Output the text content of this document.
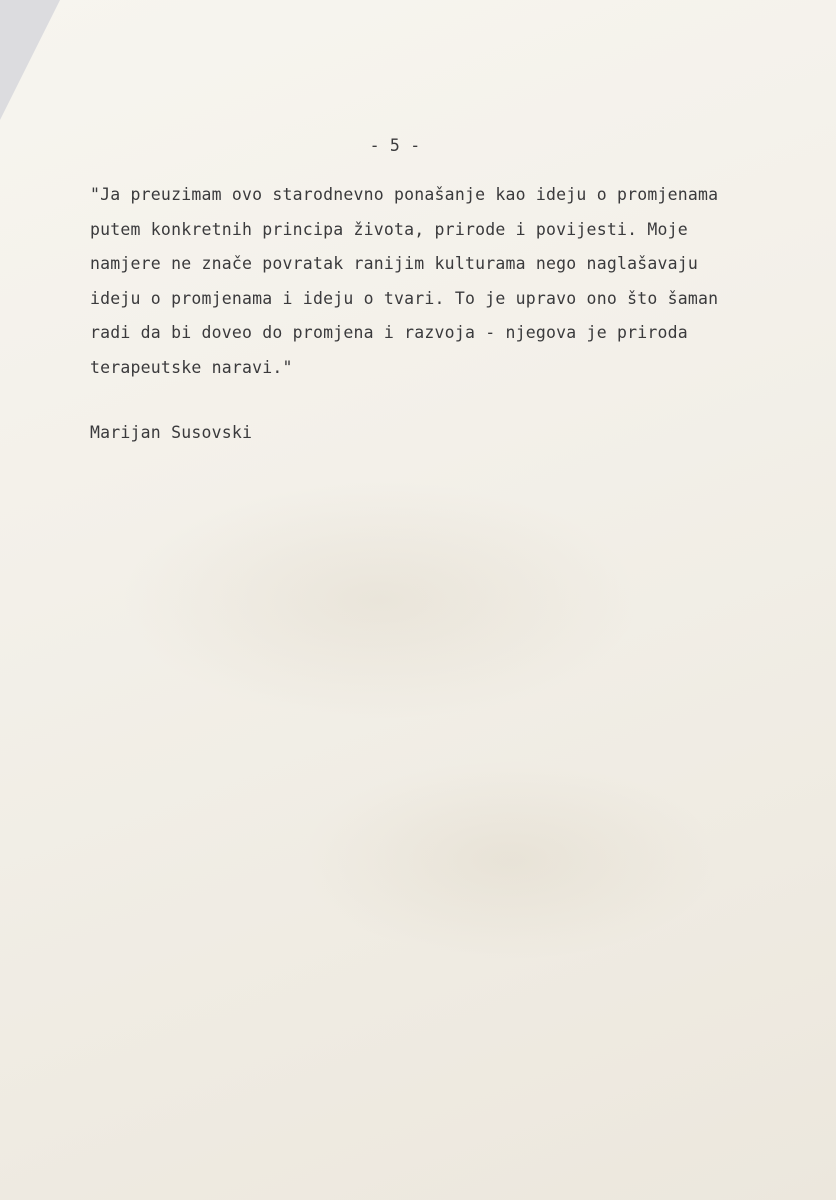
- 5 -
"Ja preuzimam ovo starodnevno ponašanje kao ideju o promjenama
putem konkretnih principa života, prirode i povijesti. Moje
namjere ne znače povratak ranijim kulturama nego naglašavaju
ideju o promjenama i ideju o tvari. To je upravo ono što šaman
radi da bi doveo do promjena i razvoja - njegova je priroda
terapeutske naravi."
Marijan Susovski
